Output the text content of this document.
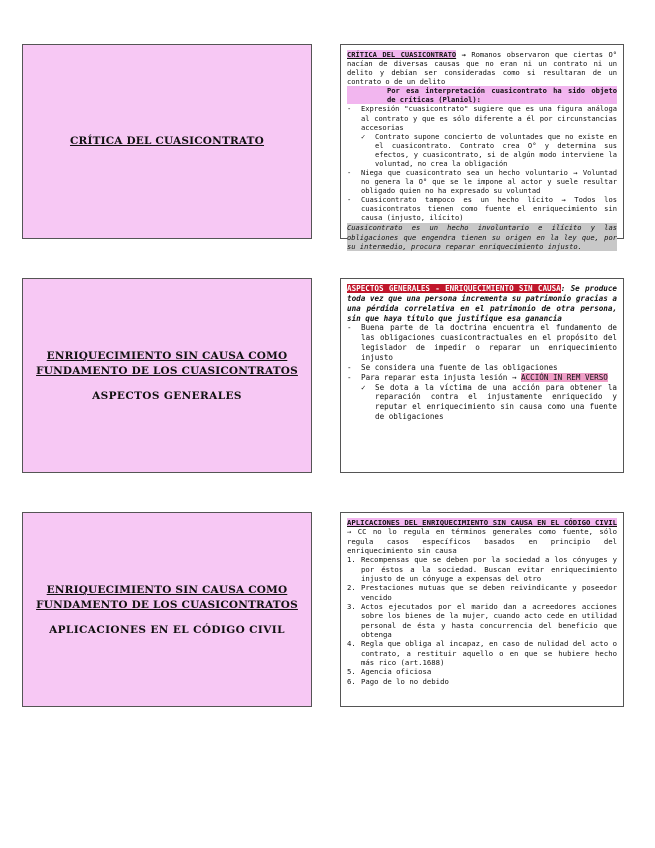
CRÍTICA DEL CUASICONTRATO
CRÍTICA DEL CUASICONTRATO → Romanos observaron que ciertas O° nacían de diversas causas que no eran ni un contrato ni un delito y debían ser consideradas como si resultaran de un contrato o de un delito
Por esa interpretación cuasicontrato ha sido objeto de críticas (Planiol):
-	Expresión "cuasicontrato" sugiere que es una figura análoga al contrato y que es sólo diferente a él por circunstancias accesorias
✓	Contrato supone concierto de voluntades que no existe en el cuasicontrato. Contrato crea O° y determina sus efectos, y cuasicontrato, si de algún modo interviene la voluntad, no crea la obligación
-	Niega que cuasicontrato sea un hecho voluntario → Voluntad no genera la O° que se le impone al actor y suele resultar obligado quien no ha expresado su voluntad
-	Cuasicontrato tampoco es un hecho lícito → Todos los cuasicontratos tienen como fuente el enriquecimiento sin causa (injusto, ilícito)
Cuasicontrato es un hecho involuntario e ilícito y las obligaciones que engendra tienen su origen en la ley que, por su intermedio, procura reparar enriquecimiento injusto.
ENRIQUECIMIENTO SIN CAUSA COMO
FUNDAMENTO DE LOS CUASICONTRATOS
ASPECTOS GENERALES
ASPECTOS GENERALES - ENRIQUECIMIENTO SIN CAUSA: Se produce toda vez que una persona incrementa su patrimonio gracias a una pérdida correlativa en el patrimonio de otra persona, sin que haya título que justifique esa ganancia
-	Buena parte de la doctrina encuentra el fundamento de las obligaciones cuasicontractuales en el propósito del legislador de impedir o reparar un enriquecimiento injusto
-	Se considera una fuente de las obligaciones
-	Para reparar esta injusta lesión → ACCIÓN IN REM VERSO
✓	Se dota a la víctima de una acción para obtener la reparación contra el injustamente enriquecido y reputar el enriquecimiento sin causa como una fuente de obligaciones
ENRIQUECIMIENTO SIN CAUSA COMO
FUNDAMENTO DE LOS CUASICONTRATOS
APLICACIONES EN EL CÓDIGO CIVIL
APLICACIONES DEL ENRIQUECIMIENTO SIN CAUSA EN EL CÓDIGO CIVIL → CC no lo regula en términos generales como fuente, sólo regula casos específicos basados en principio del enriquecimiento sin causa
1. Recompensas que se deben por la sociedad a los cónyuges y por éstos a la sociedad. Buscan evitar enriquecimiento injusto de un cónyuge a expensas del otro
2. Prestaciones mutuas que se deben reivindicante y poseedor vencido
3. Actos ejecutados por el marido dan a acreedores acciones sobre los bienes de la mujer, cuando acto cede en utilidad personal de ésta y hasta concurrencia del beneficio que obtenga
4. Regla que obliga al incapaz, en caso de nulidad del acto o contrato, a restituir aquello o en que se hubiere hecho más rico (art.1688)
5. Agencia oficiosa
6. Pago de lo no debido
